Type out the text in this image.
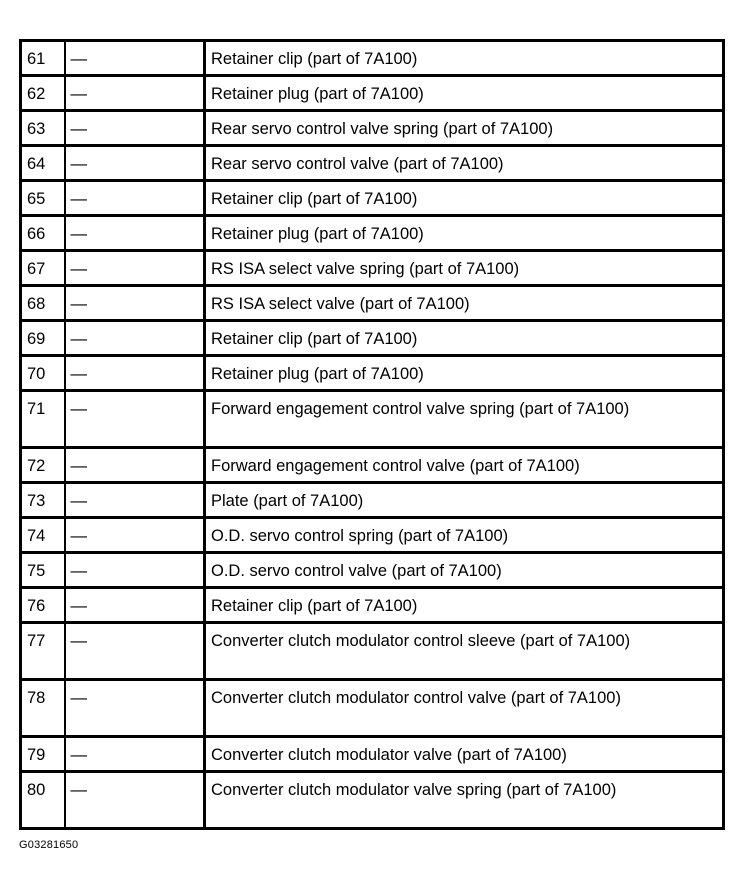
61	—	Retainer clip (part of 7A100)
62	—	Retainer plug (part of 7A100)
63	—	Rear servo control valve spring (part of 7A100)
64	—	Rear servo control valve (part of 7A100)
65	—	Retainer clip (part of 7A100)
66	—	Retainer plug (part of 7A100)
67	—	RS ISA select valve spring (part of 7A100)
68	—	RS ISA select valve (part of 7A100)
69	—	Retainer clip (part of 7A100)
70	—	Retainer plug (part of 7A100)
71	—	Forward engagement control valve spring (part of 7A100)
72	—	Forward engagement control valve (part of 7A100)
73	—	Plate (part of 7A100)
74	—	O.D. servo control spring (part of 7A100)
75	—	O.D. servo control valve (part of 7A100)
76	—	Retainer clip (part of 7A100)
77	—	Converter clutch modulator control sleeve (part of 7A100)
78	—	Converter clutch modulator control valve (part of 7A100)
79	—	Converter clutch modulator valve (part of 7A100)
80	—	Converter clutch modulator valve spring (part of 7A100)
G03281650
